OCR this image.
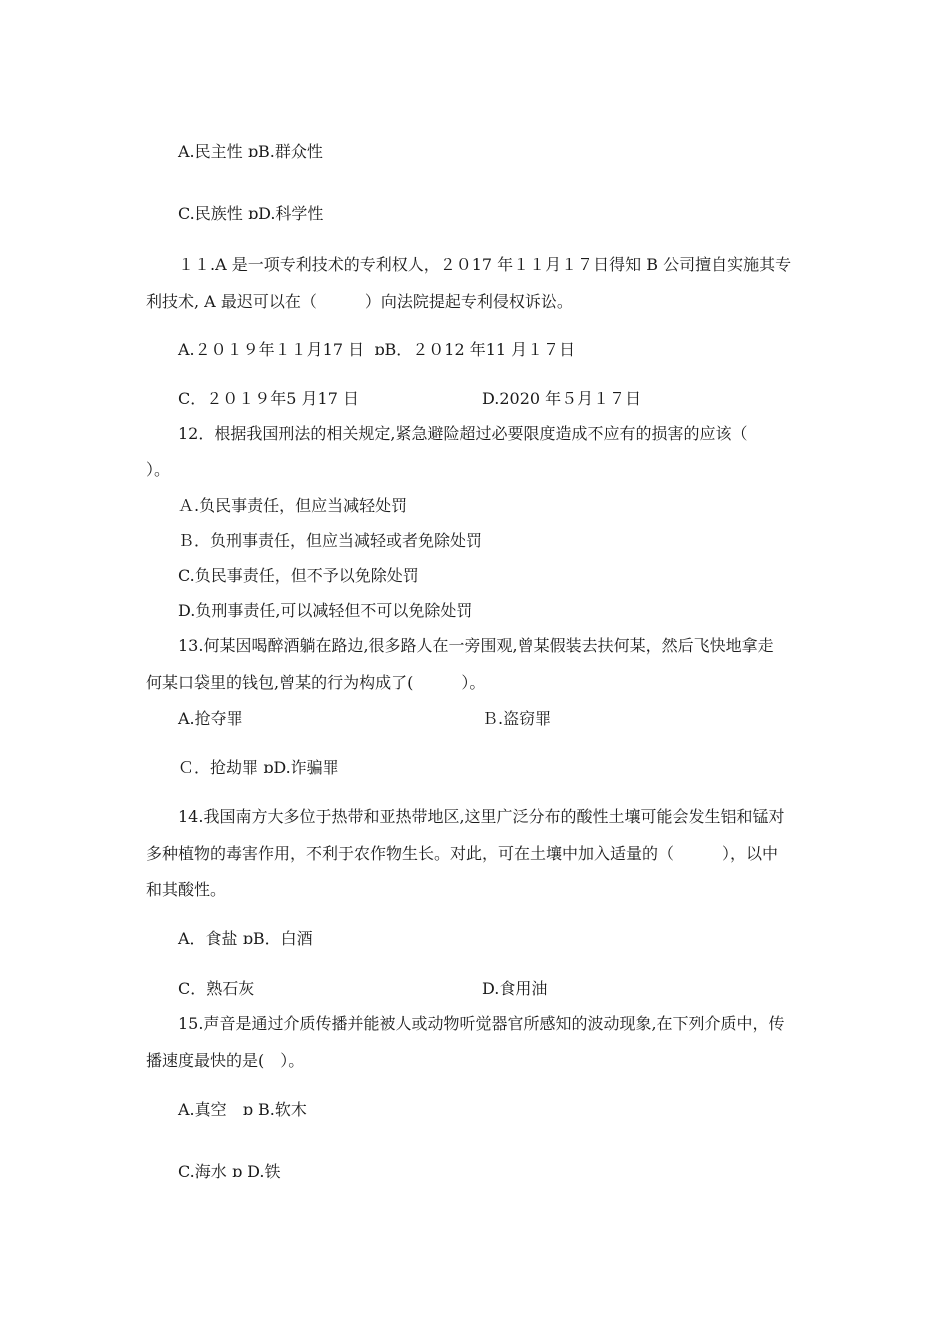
A.民主性 ɒB.群众性
C.民族性 ɒD.科学性
１１.A 是一项专利技术的专利权人，２０17 年１１月１７日得知 B 公司擅自实施其专
利技术, A 最迟可以在（　　　）向法院提起专利侵权诉讼。
A.２０１９年１１月17 日  ɒB．２０12 年11 月１７日
C．２０１９年5 月17 日	D.2020 年５月１７日
12．根据我国刑法的相关规定,紧急避险超过必要限度造成不应有的损害的应该（
）。
Ａ.负民事责任，但应当减轻处罚
Ｂ．负刑事责任，但应当减轻或者免除处罚
C.负民事责任，但不予以免除处罚
D.负刑事责任,可以减轻但不可以免除处罚
13.何某因喝醉酒躺在路边,很多路人在一旁围观,曾某假装去扶何某，然后飞快地拿走
何某口袋里的钱包,曾某的行为构成了(　　　）。
A.抢夺罪	Ｂ.盗窃罪
Ｃ．抢劫罪 ɒD.诈骗罪
14.我国南方大多位于热带和亚热带地区,这里广泛分布的酸性土壤可能会发生铝和锰对
多种植物的毒害作用，不利于农作物生长。对此，可在土壤中加入适量的（　　　），以中
和其酸性。
A．食盐 ɒB．白酒
C．熟石灰	D.食用油
15.声音是通过介质传播并能被人或动物听觉器官所感知的波动现象,在下列介质中，传
播速度最快的是(　）。
A.真空　ɒ B.软木
C.海水 ɒ D.铁
